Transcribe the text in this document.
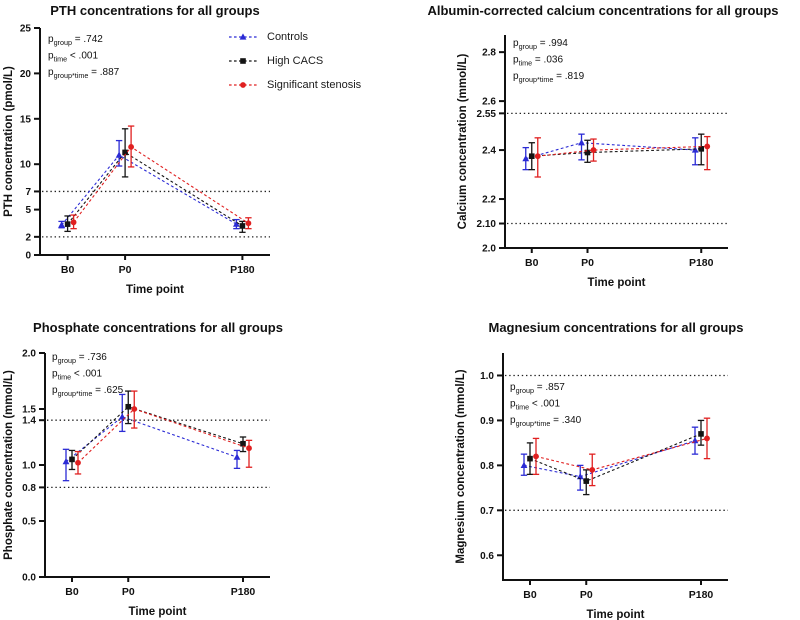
0
2
5
7
10
15
20
25
B0	P0	P180
PTH concentrations for all groups
PTH concentration (pmol/L)
Time point
$p_{group} = .742$
$p_{time} < .001$
$p_{group*time} = .887$
2.0
2.10
2.2
2.4
2.55
2.6
2.8
B0	P0	P180
Albumin-corrected calcium concentrations for all groups
Calcium concentration (mmol/L)
Time point
$p_{group} = .994$
$p_{time} = .036$
$p_{group*time} = .819$
0.0
0.5
0.8
1.0
1.4
1.5
2.0
B0	P0	P180
Phosphate concentrations for all groups
Phosphate concentration (mmol/L)
Time point
$p_{group} = .736$
$p_{time} < .001$
$p_{group*time} = .625$
0.6
0.7
0.8
0.9
1.0
B0	P0	P180
Magnesium concentrations for all groups
Magnesium concentration (mmol/L)
Time point
$p_{group} = .857$
$p_{time} < .001$
$p_{group*time} = .340$
Controls
High CACS
Significant stenosis
